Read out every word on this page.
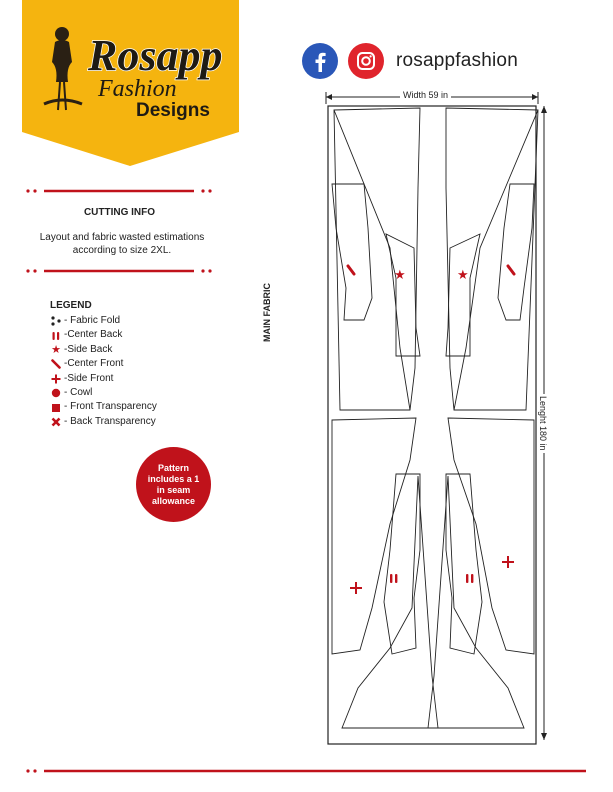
Rosapp
Fashion
Designs
rosappfashion
CUTTING INFO
Layout and fabric wasted estimations according to size 2XL.
LEGEND
- Fabric Fold
-Center Back
★ -Side Back
-Center Front
-Side Front
- Cowl
- Front Transparency
- Back Transparency
Pattern includes a 1 in seam allowance
MAIN FABRIC
★	★
Width 59 in
Lenght 180 in
